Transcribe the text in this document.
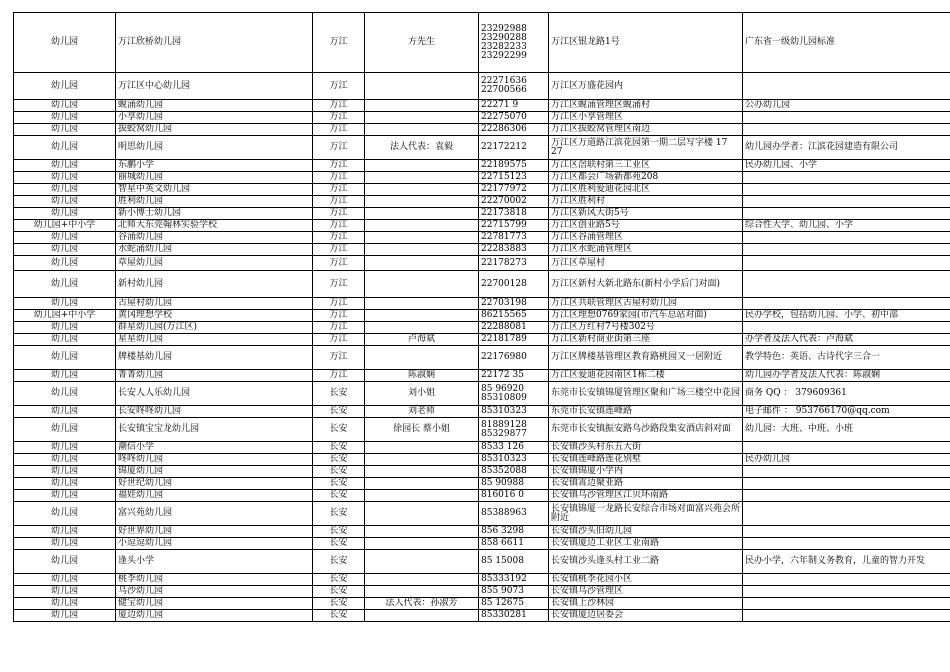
幼儿园	万江欣桥幼儿园	万江	方先生	23292988
23290288
23282233
23292299	万江区银龙路1号	广东省一级幼儿园标准
幼儿园	万江区中心幼儿园	万江		22271636
22700566	万江区万盛花园内	
幼儿园	蚬涌幼儿园	万江		22271 9	万江区蚬涌管理区蚬涌村	公办幼儿园
幼儿园	小享幼儿园	万江		22275070	万江区小享管理区	
幼儿园	拔蛟窝幼儿园	万江		22286306	万江区拔蛟窝管理区南边	
幼儿园	明思幼儿园	万江	法人代表：袁毅	22172212	万江区万道路江滨花园第一期二层写字楼 17 27	幼儿园办学者：江滨花园建造有限公司
幼儿园	东鹏小学	万江		22189575	万江区滘联村第三工业区	民办幼儿园、小学
幼儿园	丽城幼儿园	万江		22715123	万江区都会广场新都苑208	
幼儿园	智星中英文幼儿园	万江		22177972	万江区胜利爱迪花园北区	
幼儿园	胜利幼儿园	万江		22270002	万江区胜利村	
幼儿园	新小博士幼儿园	万江		22173818	万江区新风大街5号	
幼儿园+中小学	北师大东莞翰林实验学校	万江		22715799	万江区创业路5号	综合性大学、幼儿园、小学
幼儿园	谷涌幼儿园	万江		22781773	万江区谷涌管理区	
幼儿园	水蛇涌幼儿园	万江		22283883	万江区水蛇涌管理区	
幼儿园	草屋幼儿园	万江		22178273	万江区草屋村	
幼儿园	新村幼儿园	万江		22700128	万江区新村大新北路东(新村小学后门对面)	
幼儿园	古屋村幼儿园	万江		22703198	万江区共联管理区古屋村幼儿园	
幼儿园+中小学	黄冈理想学校	万江		86215565	万江区理想0769家园(市汽车总站对面)	民办学校，包括幼儿园、小学、初中部
幼儿园	群星幼儿园(万江区)	万江		22288081	万江区万红村7号楼302号	
幼儿园	星星幼儿园	万江	卢海斌	22181789	万江区新村商业街第三座	办学者及法人代表：卢海斌
幼儿园	牌楼基幼儿园	万江		22176980	万江区牌楼基管理区教育路桃园又一居附近	教学特色：英语、古诗代字三合一
幼儿园	菁菁幼儿园	万江	陈淑娴	22172 35	万江区爱迪花园南区1栋二楼	幼儿园办学者及法人代表：陈淑娴
幼儿园	长安人人乐幼儿园	长安	刘小姐	85 96920
85310809	东莞市长安镇锦厦管理区聚和广场三楼空中花园	商务 QQ ： 379609361
幼儿园	长安咚咚幼儿园	长安	刘老师	85310323	东莞市长安镇莲峰路	电子邮件 ： 953766170@qq.com
幼儿园	长安镇宝宝龙幼儿园	长安	徐园长 蔡小姐	81889128
85329877	东莞市长安镇振安路乌沙路段集安酒店斜对面	幼儿园：大班、中班、小班
幼儿园	潮信小学	长安		8533 126	长安镇沙头村东五大街	
幼儿园	咚咚幼儿园	长安		85310323	长安镇莲峰路莲花别墅	民办幼儿园
幼儿园	锦厦幼儿园	长安		85352088	长安镇锦厦小学内	
幼儿园	好世纪幼儿园	长安		85 90988	长安镇霄边聚亚路	
幼儿园	福娃幼儿园	长安		816016 0	长安镇乌沙管理区江贝环南路	
幼儿园	富兴苑幼儿园	长安		85388963	长安镇锦厦一龙路长安综合市场对面富兴苑会所附近	
幼儿园	好世界幼儿园	长安		856 3298	长安镇沙头旧幼儿园	
幼儿园	小逗逗幼儿园	长安		858 6611	长安镇厦边工业区工业南路	
幼儿园	逢头小学	长安		85 15008	长安镇沙头逢头村工业二路	民办小学，六年制义务教育，儿童的智力开发
幼儿园	桃李幼儿园	长安		85333192	长安镇桃李花园小区	
幼儿园	乌沙幼儿园	长安		855 9073	长安镇乌沙管理区	
幼儿园	健宝幼儿园	长安	法人代表：孙淑芳	85 12675	长安镇上沙林园	
幼儿园	厦边幼儿园	长安		85330281	长安镇厦边居委会	
